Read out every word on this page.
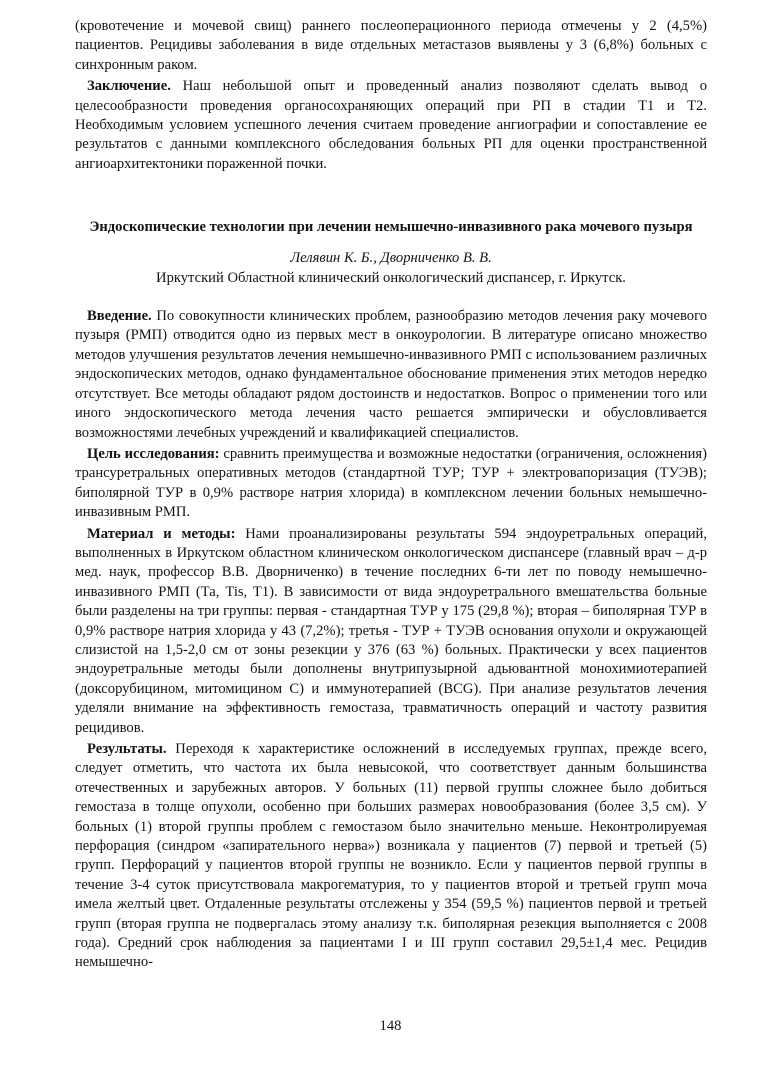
(кровотечение и мочевой свищ) раннего послеоперационного периода отмечены у 2 (4,5%) пациентов. Рецидивы заболевания в виде отдельных метастазов выявлены у 3 (6,8%) больных с синхронным раком.

Заключение. Наш небольшой опыт и проведенный анализ позволяют сделать вывод о целесообразности проведения органосохраняющих операций при РП в стадии Т1 и Т2. Необходимым условием успешного лечения считаем проведение ангиографии и сопоставление ее результатов с данными комплексного обследования больных РП для оценки пространственной ангиоархитектоники пораженной почки.

Эндоскопические технологии при лечении немышечно-инвазивного рака мочевого пузыря

Лелявин К. Б., Дворниченко В. В.

Иркутский Областной клинический онкологический диспансер, г. Иркутск.

Введение. По совокупности клинических проблем, разнообразию методов лечения раку мочевого пузыря (РМП) отводится одно из первых мест в онкоурологии. В литературе описано множество методов улучшения результатов лечения немышечно-инвазивного РМП с использованием различных эндоскопических методов, однако фундаментальное обоснование применения этих методов нередко отсутствует. Все методы обладают рядом достоинств и недостатков. Вопрос о применении того или иного эндоскопического метода лечения часто решается эмпирически и обусловливается возможностями лечебных учреждений и квалификацией специалистов.

Цель исследования: сравнить преимущества и возможные недостатки (ограничения, осложнения) трансуретральных оперативных методов (стандартной ТУР; ТУР + электровапоризация (ТУЭВ); биполярной ТУР в 0,9% растворе натрия хлорида) в комплексном лечении больных немышечно-инвазивным РМП.

Материал и методы: Нами проанализированы результаты 594 эндоуретральных операций, выполненных в Иркутском областном клиническом онкологическом диспансере (главный врач – д-р мед. наук, профессор В.В. Дворниченко) в течение последних 6-ти лет по поводу немышечно-инвазивного РМП (Та, Tis, T1). В зависимости от вида эндоуретрального вмешательства больные были разделены на три группы: первая - стандартная ТУР у 175 (29,8 %); вторая – биполярная ТУР в 0,9% растворе натрия хлорида у 43 (7,2%); третья - ТУР + ТУЭВ основания опухоли и окружающей слизистой на 1,5-2,0 см от зоны резекции у 376 (63 %) больных. Практически у всех пациентов эндоуретральные методы были дополнены внутрипузырной адьювантной монохимиотерапией (доксорубицином, митомицином С) и иммунотерапией (BCG). При анализе результатов лечения уделяли внимание на эффективность гемостаза, травматичность операций и частоту развития рецидивов.

Результаты. Переходя к характеристике осложнений в исследуемых группах, прежде всего, следует отметить, что частота их была невысокой, что соответствует данным большинства отечественных и зарубежных авторов. У больных (11) первой группы сложнее было добиться гемостаза в толще опухоли, особенно при больших размерах новообразования (более 3,5 см). У больных (1) второй группы проблем с гемостазом было значительно меньше. Неконтролируемая перфорация (синдром «запирательного нерва») возникала у пациентов (7) первой и третьей (5) групп. Перфораций у пациентов второй группы не возникло. Если у пациентов первой группы в течение 3-4 суток присутствовала макрогематурия, то у пациентов второй и третьей групп моча имела желтый цвет. Отдаленные результаты отслежены у 354 (59,5 %) пациентов первой и третьей групп (вторая группа не подвергалась этому анализу т.к. биполярная резекция выполняется с 2008 года). Средний срок наблюдения за пациентами I и III групп составил 29,5±1,4 мес. Рецидив немышечно-

148
